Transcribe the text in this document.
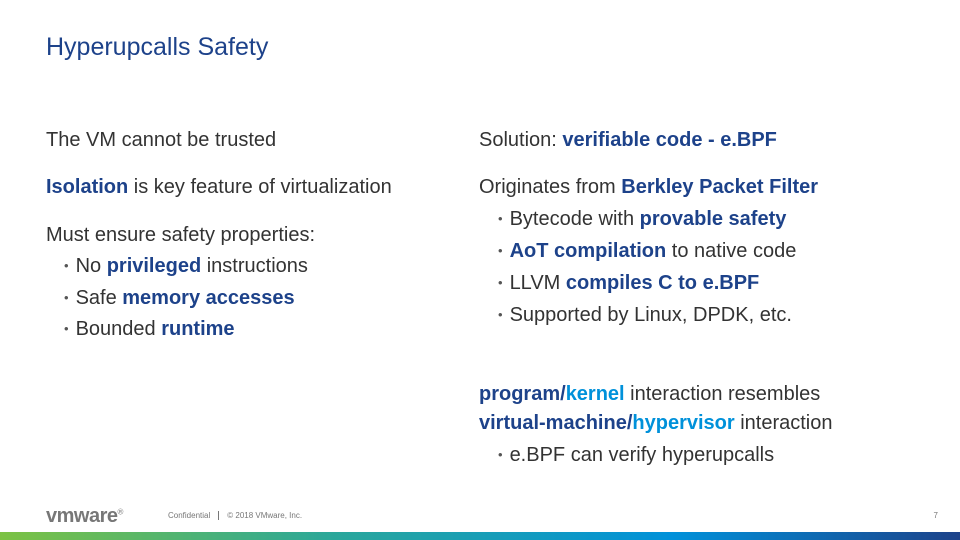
Hyperupcalls Safety
The VM cannot be trusted
Isolation is key feature of virtualization
Must ensure safety properties:
• No privileged instructions
• Safe memory accesses
• Bounded runtime
Solution: verifiable code - e.BPF
Originates from Berkley Packet Filter
• Bytecode with provable safety
• AoT compilation to native code
• LLVM compiles C to e.BPF
• Supported by Linux, DPDK, etc.
program/kernel interaction resembles
virtual-machine/hypervisor interaction
• e.BPF can verify hyperupcalls
vmware®	Confidential © 2018 VMware, Inc.	7
